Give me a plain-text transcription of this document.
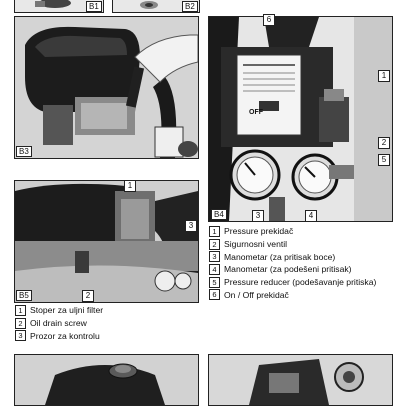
B1	B2
B3
OFF
B4
1
2
3	4
5
6
1 Pressure prekidač
2 Sigurnosni ventil
3 Manometar (za pritisak boce)
4 Manometar (za podešeni pritisak)
5 Pressure reducer (podešavanje pritiska)
6 On / Off prekidač
B5
1
2
3
1 Stoper za uljni filter
2 Oil drain screw
3 Prozor za kontrolu
